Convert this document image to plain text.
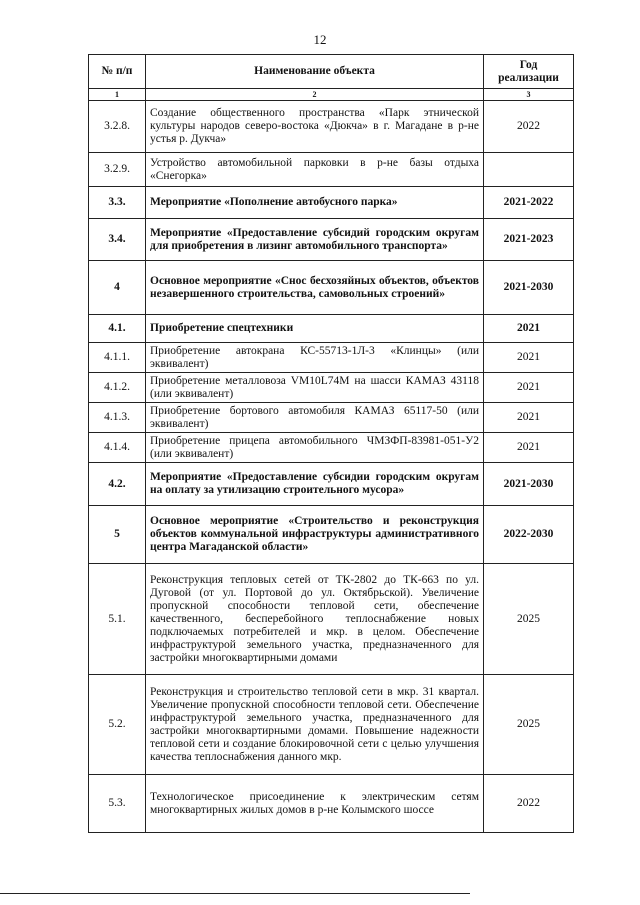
12
№ п/п	Наименование объекта	Год реализации
1	2	3
3.2.8.	Создание общественного пространства «Парк этнической культуры народов северо-востока «Дюкча» в г. Магадане в р-не устья р. Дукча»	2022
3.2.9.	Устройство автомобильной парковки в р-не базы отдыха «Снегорка»	
3.3.	Мероприятие «Пополнение автобусного парка»	2021-2022
3.4.	Мероприятие «Предоставление субсидий городским округам для приобретения в лизинг автомобильного транспорта»	2021-2023
4	Основное мероприятие «Снос бесхозяйных объектов, объектов незавершенного строительства, самовольных строений»	2021-2030
4.1.	Приобретение спецтехники	2021
4.1.1.	Приобретение автокрана КС-55713-1Л-3 «Клинцы» (или эквивалент)	2021
4.1.2.	Приобретение металловоза VM10L74M на шасси КАМАЗ 43118 (или эквивалент)	2021
4.1.3.	Приобретение бортового автомобиля КАМАЗ 65117-50 (или эквивалент)	2021
4.1.4.	Приобретение прицепа автомобильного ЧМЗФП-83981-051-У2 (или эквивалент)	2021
4.2.	Мероприятие «Предоставление субсидии городским округам на оплату за утилизацию строительного мусора»	2021-2030
5	Основное мероприятие «Строительство и реконструкция объектов коммунальной инфраструктуры административного центра Магаданской области»	2022-2030
5.1.	Реконструкция тепловых сетей от ТК-2802 до ТК-663 по ул. Дуговой (от ул. Портовой до ул. Октябрьской). Увеличение пропускной способности тепловой сети, обеспечение качественного, бесперебойного теплоснабжение новых подключаемых потребителей и мкр. в целом. Обеспечение инфраструктурой земельного участка, предназначенного для застройки многоквартирными домами	2025
5.2.	Реконструкция и строительство тепловой сети в мкр. 31 квартал. Увеличение пропускной способности тепловой сети. Обеспечение инфраструктурой земельного участка, предназначенного для застройки многоквартирными домами. Повышение надежности тепловой сети и создание блокировочной сети с целью улучшения качества теплоснабжения данного мкр.	2025
5.3.	Технологическое присоединение к электрическим сетям многоквартирных жилых домов в р-не Колымского шоссе	2022
